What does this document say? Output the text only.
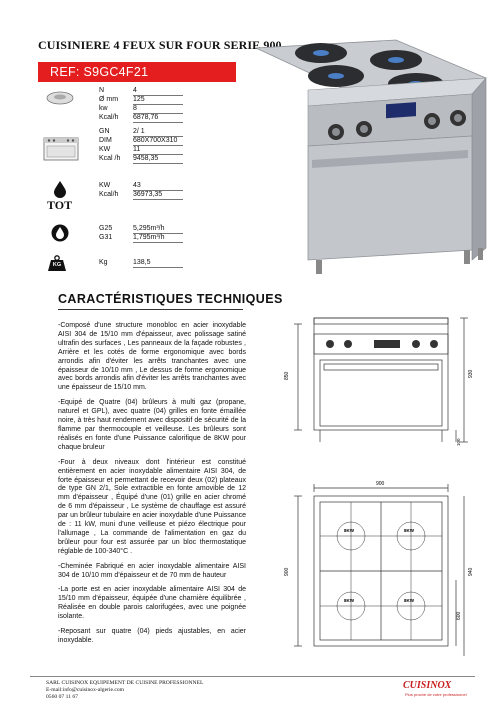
CUISINIERE 4 FEUX SUR FOUR SERIE 900
REF: S9GC4F21
N	4
Ø mm	125
kw	8
Kcal/h	6878,76
GN	2/ 1
DIM	680X700X310
KW	11
Kcal /h	9458,35
TOT
KW	43
Kcal/h	36973,35
G25	5,295m³/h
G31	1,795m³/h
KG	Kg	138,5
CARACTÉRISTIQUES TECHNIQUES

-Composé d'une structure monobloc en acier inoxydable AISI 304 de 15/10 mm d'épaisseur, avec polissage satiné ultrafin des surfaces , Les panneaux de la façade robustes , Arrière et les cotés de forme ergonomique avec bords arrondis afin d'éviter les arrêts tranchantes avec une épaisseur de 10/10 mm , Le dessus de forme ergonomique avec bords arrondis afin d'éviter les arrêts tranchantes avec une épaisseur de 15/10 mm.

-Equipé de Quatre (04) brûleurs à multi gaz (propane, naturel et GPL), avec quatre (04) grilles en fonte émaillée noire, à très haut rendement avec dispositif de sécurité de la flamme par thermocouple et veilleuse. Les brûleurs sont réalisés en fonte d'une Puissance calorifique de 8KW pour chaque bruleur

-Four à deux niveaux dont l'intérieur est constitué entièrement en acier inoxydable alimentaire AISI 304, de forte épaisseur et permettant de recevoir deux (02) plateaux de type GN 2/1, Sole extractible en fonte amovible de 12 mm d'épaisseur , Équipé d'une (01) grille en acier chromé de 6 mm d'épaisseur , Le système de chauffage est assuré par un brûleur tubulaire en acier inoxydable d'une Puissance de : 11 kW, muni d'une veilleuse et piézo électrique pour l'allumage , La commande de l'alimentation en gaz du brûleur pour four est assurée par un bloc thermostatique réglable de 100-340°C .

-Cheminée Fabriqué en acier inoxydable alimentaire AISI 304 de 10/10 mm d'épaisseur et de 70 mm de hauteur

-La porte est en acier inoxydable alimentaire AISI 304 de 15/10 mm d'épaisseur, équipée d'une charnière équilibrée , Réalisée en double parois calorifugées, avec une poignée isolante.

-Reposant sur quatre (04) pieds ajustables, en acier inoxydable.

850	930
100
8KW	8KW
8KW	8KW
900
900	940
600
SARL CUISINOX EQUIPEMENT DE CUISINE PROFESSIONNEL
E-mail:info@cuisinox-algerie.com
0560 07 11 67
CUISINOX
Plus proche de votre professionnel
